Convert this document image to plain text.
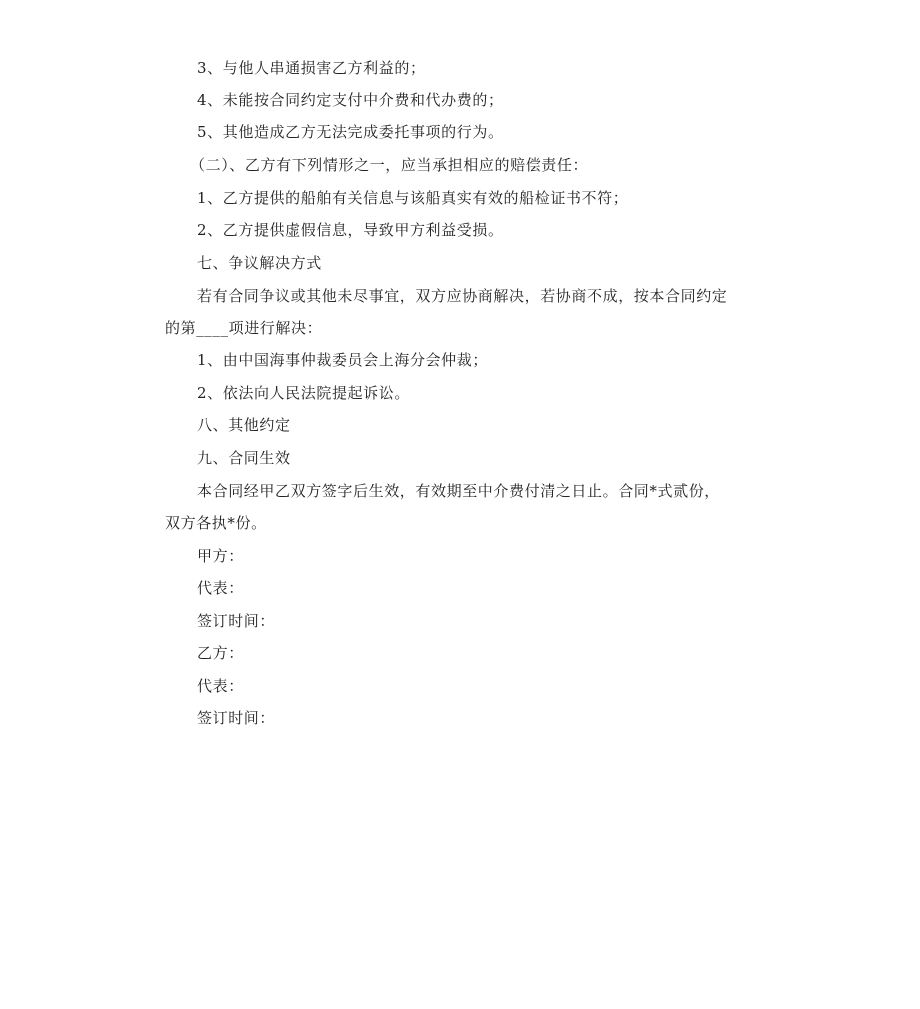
3、与他人串通损害乙方利益的；
4、未能按合同约定支付中介费和代办费的；
5、其他造成乙方无法完成委托事项的行为。
（二）、乙方有下列情形之一，应当承担相应的赔偿责任：
1、乙方提供的船舶有关信息与该船真实有效的船检证书不符；
2、乙方提供虚假信息，导致甲方利益受损。
七、争议解决方式
若有合同争议或其他未尽事宜，双方应协商解决，若协商不成，按本合同约定
的第____项进行解决：
1、由中国海事仲裁委员会上海分会仲裁；
2、依法向人民法院提起诉讼。
八、其他约定
九、合同生效
本合同经甲乙双方签字后生效，有效期至中介费付清之日止。合同*式贰份，
双方各执*份。
甲方：
代表：
签订时间：
乙方：
代表：
签订时间：
